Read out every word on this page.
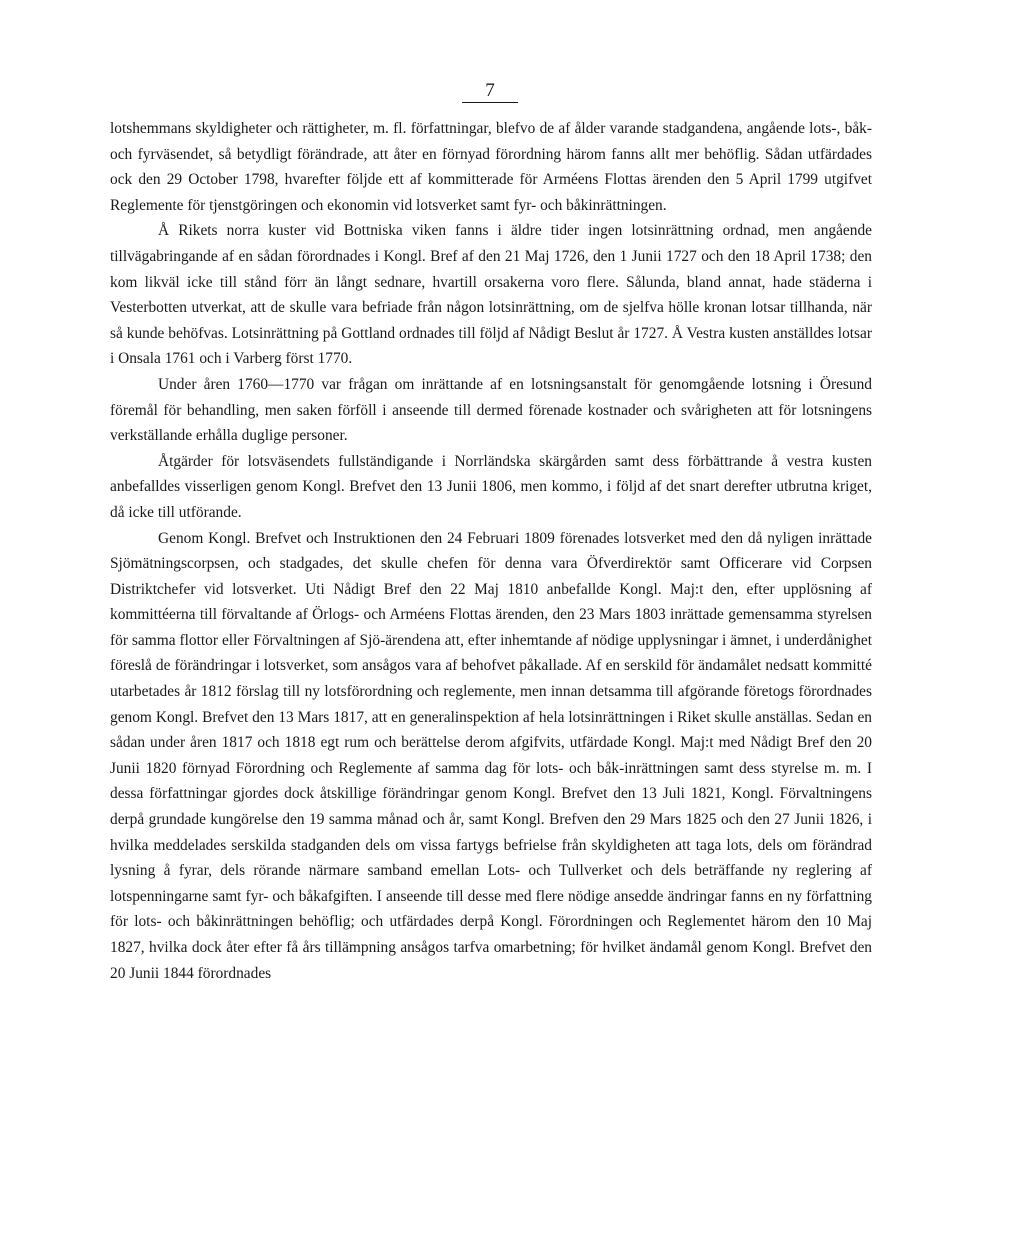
7

lotshemmans skyldigheter och rättigheter, m. fl. författningar, blefvo de af ålder varande stadgandena, angående lots-, båk- och fyrväsendet, så betydligt förändrade, att åter en förnyad förordning härom fanns allt mer behöflig. Sådan utfärdades ock den 29 October 1798, hvarefter följde ett af kommitterade för Arméens Flottas ärenden den 5 April 1799 utgifvet Reglemente för tjenstgöringen och ekonomin vid lotsverket samt fyr- och båkinrättningen.

Å Rikets norra kuster vid Bottniska viken fanns i äldre tider ingen lotsinrättning ordnad, men angående tillvägabringande af en sådan förordnades i Kongl. Bref af den 21 Maj 1726, den 1 Junii 1727 och den 18 April 1738; den kom likväl icke till stånd förr än långt sednare, hvartill orsakerna voro flere. Sålunda, bland annat, hade städerna i Vesterbotten utverkat, att de skulle vara befriade från någon lotsinrättning, om de sjelfva hölle kronan lotsar tillhanda, när så kunde behöfvas. Lotsinrättning på Gottland ordnades till följd af Nådigt Beslut år 1727. Å Vestra kusten anställdes lotsar i Onsala 1761 och i Varberg först 1770.

Under åren 1760—1770 var frågan om inrättande af en lotsningsanstalt för genomgående lotsning i Öresund föremål för behandling, men saken förföll i anseende till dermed förenade kostnader och svårigheten att för lotsningens verkställande erhålla duglige personer.

Åtgärder för lotsväsendets fullständigande i Norrländska skärgården samt dess förbättrande å vestra kusten anbefalldes visserligen genom Kongl. Brefvet den 13 Junii 1806, men kommo, i följd af det snart derefter utbrutna kriget, då icke till utförande.

Genom Kongl. Brefvet och Instruktionen den 24 Februari 1809 förenades lotsverket med den då nyligen inrättade Sjömätningscorpsen, och stadgades, det skulle chefen för denna vara Öfverdirektör samt Officerare vid Corpsen Distriktchefer vid lotsverket. Uti Nådigt Bref den 22 Maj 1810 anbefallde Kongl. Maj:t den, efter upplösning af kommittéerna till förvaltande af Örlogs- och Arméens Flottas ärenden, den 23 Mars 1803 inrättade gemensamma styrelsen för samma flottor eller Förvaltningen af Sjö-ärendena att, efter inhemtande af nödige upplysningar i ämnet, i underdånighet föreslå de förändringar i lotsverket, som ansågos vara af behofvet påkallade. Af en serskild för ändamålet nedsatt kommitté utarbetades år 1812 förslag till ny lotsförordning och reglemente, men innan detsamma till afgörande företogs förordnades genom Kongl. Brefvet den 13 Mars 1817, att en generalinspektion af hela lotsinrättningen i Riket skulle anställas. Sedan en sådan under åren 1817 och 1818 egt rum och berättelse derom afgifvits, utfärdade Kongl. Maj:t med Nådigt Bref den 20 Junii 1820 förnyad Förordning och Reglemente af samma dag för lots- och båk-inrättningen samt dess styrelse m. m. I dessa författningar gjordes dock åtskillige förändringar genom Kongl. Brefvet den 13 Juli 1821, Kongl. Förvaltningens derpå grundade kungörelse den 19 samma månad och år, samt Kongl. Brefven den 29 Mars 1825 och den 27 Junii 1826, i hvilka meddelades serskilda stadganden dels om vissa fartygs befrielse från skyldigheten att taga lots, dels om förändrad lysning å fyrar, dels rörande närmare samband emellan Lots- och Tullverket och dels beträffande ny reglering af lotspenningarne samt fyr- och båkafgiften. I anseende till desse med flere nödige ansedde ändringar fanns en ny författning för lots- och båkinrättningen behöflig; och utfärdades derpå Kongl. Förordningen och Reglementet härom den 10 Maj 1827, hvilka dock åter efter få års tillämpning ansågos tarfva omarbetning; för hvilket ändamål genom Kongl. Brefvet den 20 Junii 1844 förordnades
